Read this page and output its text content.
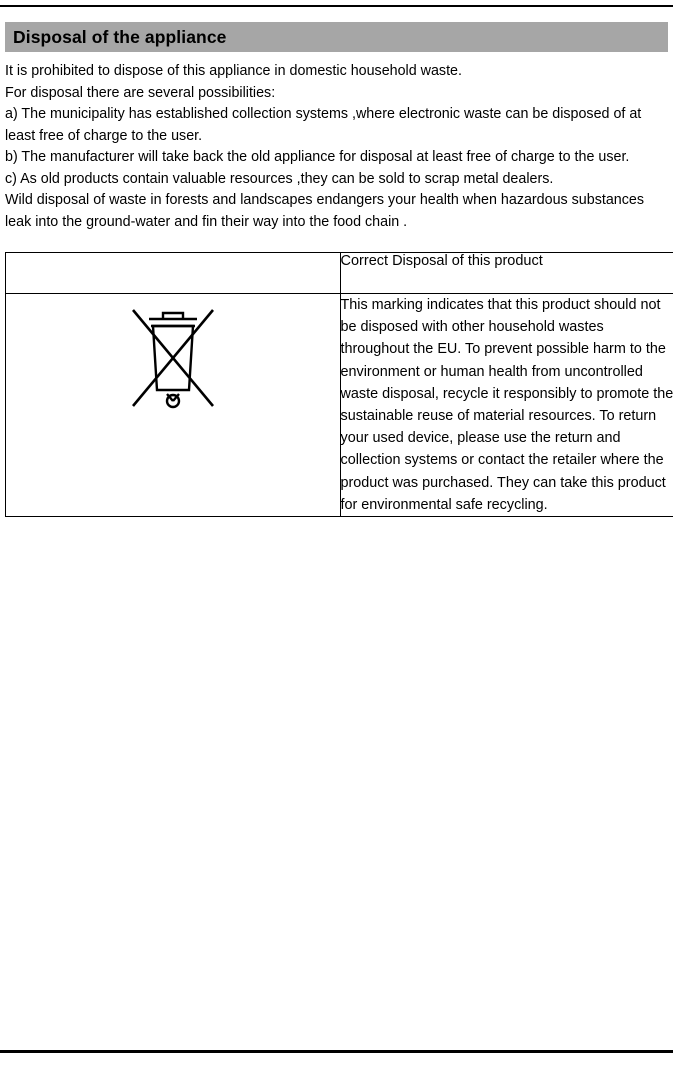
Disposal of the appliance

It is prohibited to dispose of this appliance in domestic household waste.

For disposal there are several possibilities:

a) The municipality has established collection systems ,where electronic waste can be disposed of at least free of charge to the user.

b) The manufacturer will take back the old appliance for disposal at least free of charge to the user.

c) As old products contain valuable resources ,they can be sold to scrap metal dealers.

Wild disposal of waste in forests and landscapes endangers your health when hazardous substances leak into the ground-water and fin their way into the food chain .

	Correct Disposal of this product
	This marking indicates that this product should not be disposed with other household wastes throughout the EU. To prevent possible harm to the environment or human health from uncontrolled waste disposal, recycle it responsibly to promote the sustainable reuse of material resources. To return your used device, please use the return and collection systems or contact the retailer where the product was purchased. They can take this product for environmental safe recycling.
